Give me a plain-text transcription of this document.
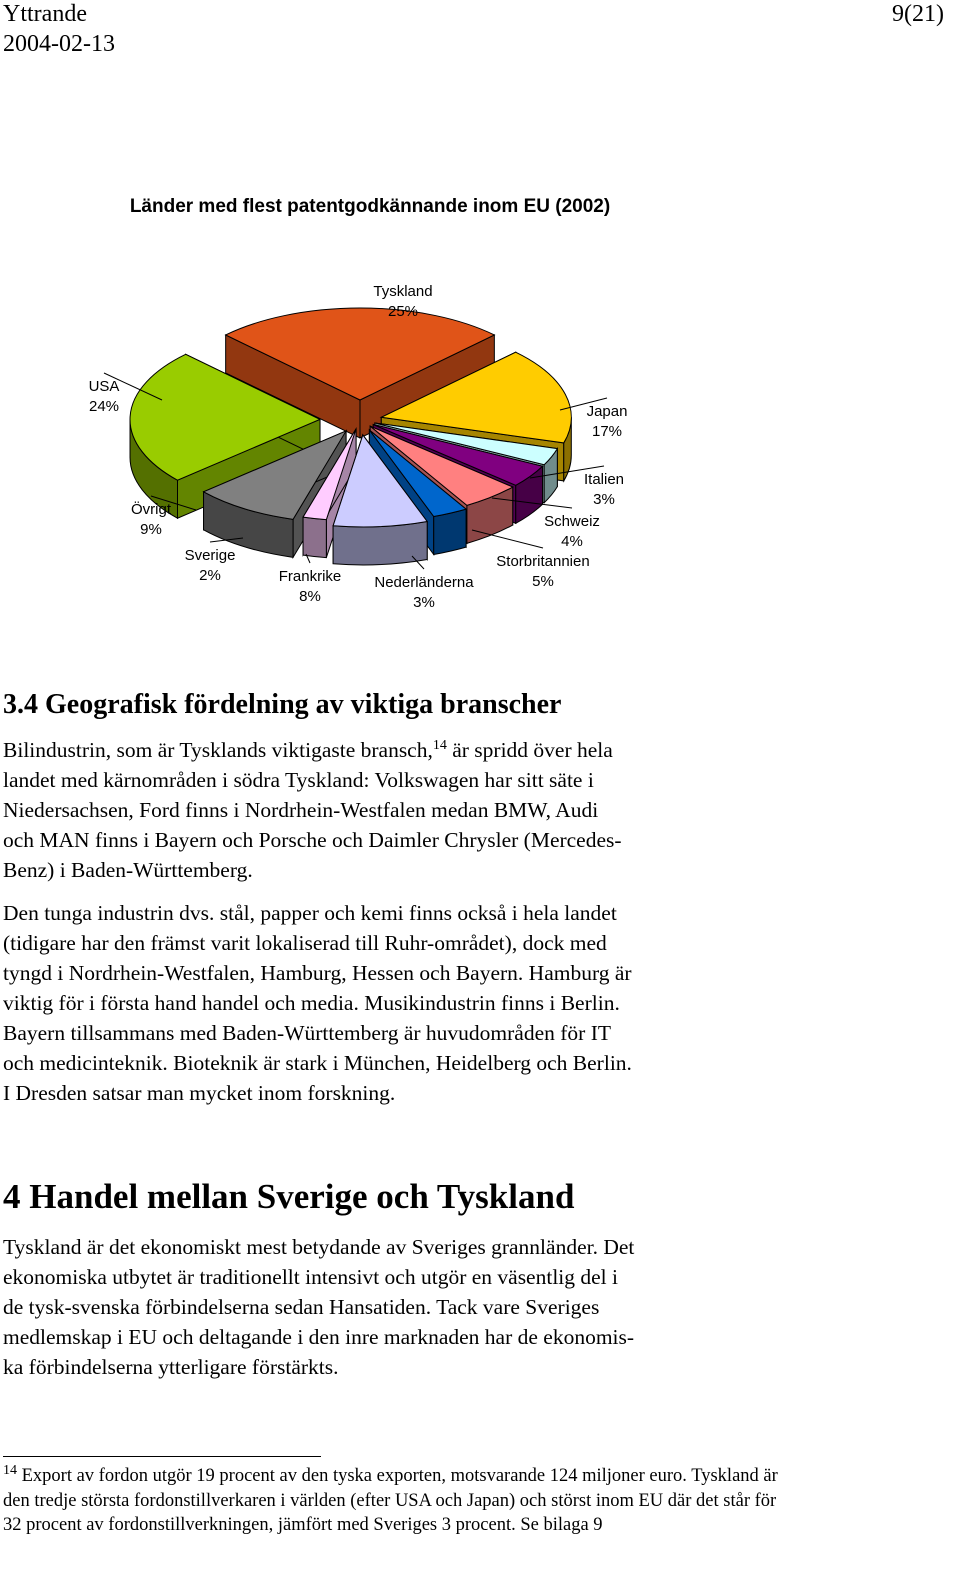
Yttrande
2004-02-13
9(21)
Länder med flest patentgodkännande inom EU (2002)
Tyskland
25%
Japan
17%
Italien
3%
Schweiz
4%
Storbritannien
5%
Nederländerna
3%
Frankrike
8%
Sverige
2%
Övrigt
9%
USA
24%
3.4 Geografisk fördelning av viktiga branscher

Bilindustrin, som är Tysklands viktigaste bransch,$^{14}$ är spridd över hela
landet med kärnområden i södra Tyskland: Volkswagen har sitt säte i
Niedersachsen, Ford finns i Nordrhein-Westfalen medan BMW, Audi
och MAN finns i Bayern och Porsche och Daimler Chrysler (Mercedes-
Benz) i Baden-Württemberg.

Den tunga industrin dvs. stål, papper och kemi finns också i hela landet
(tidigare har den främst varit lokaliserad till Ruhr-området), dock med
tyngd i Nordrhein-Westfalen, Hamburg, Hessen och Bayern. Hamburg är
viktig för i första hand handel och media. Musikindustrin finns i Berlin.
Bayern tillsammans med Baden-Württemberg är huvudområden för IT
och medicinteknik. Bioteknik är stark i München, Heidelberg och Berlin.
I Dresden satsar man mycket inom forskning.

4 Handel mellan Sverige och Tyskland

Tyskland är det ekonomiskt mest betydande av Sveriges grannländer. Det
ekonomiska utbytet är traditionellt intensivt och utgör en väsentlig del i
de tysk-svenska förbindelserna sedan Hansatiden. Tack vare Sveriges
medlemskap i EU och deltagande i den inre marknaden har de ekonomis-
ka förbindelserna ytterligare förstärkts.

$^{14}$ Export av fordon utgör 19 procent av den tyska exporten, motsvarande 124 miljoner euro. Tyskland är den tredje största fordonstillverkaren i världen (efter USA och Japan) och störst inom EU där det står för 32 procent av fordonstillverkningen, jämfört med Sveriges 3 procent. Se bilaga 9
